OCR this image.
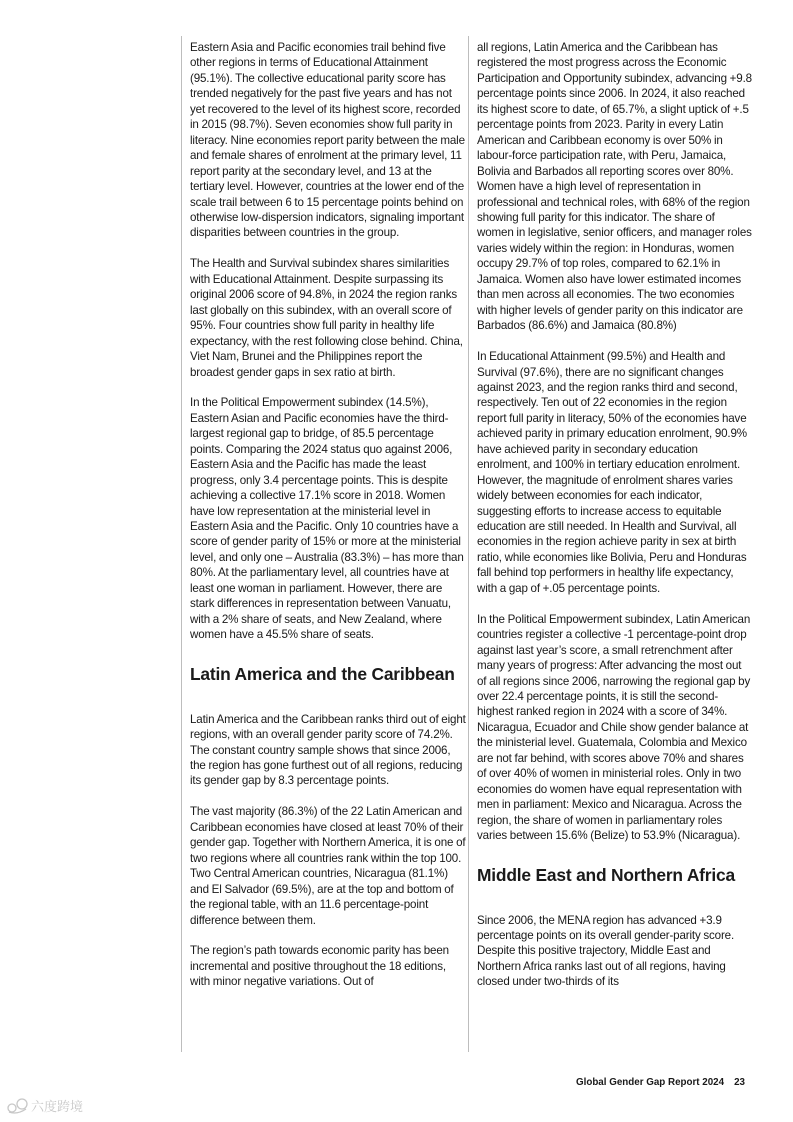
Eastern Asia and Pacific economies trail behind five other regions in terms of Educational Attainment (95.1%). The collective educational parity score has trended negatively for the past five years and has not yet recovered to the level of its highest score, recorded in 2015 (98.7%). Seven economies show full parity in literacy. Nine economies report parity between the male and female shares of enrolment at the primary level, 11 report parity at the secondary level, and 13 at the tertiary level. However, countries at the lower end of the scale trail between 6 to 15 percentage points behind on otherwise low-dispersion indicators, signaling important disparities between countries in the group.

The Health and Survival subindex shares similarities with Educational Attainment. Despite surpassing its original 2006 score of 94.8%, in 2024 the region ranks last globally on this subindex, with an overall score of 95%. Four countries show full parity in healthy life expectancy, with the rest following close behind. China, Viet Nam, Brunei and the Philippines report the broadest gender gaps in sex ratio at birth.

In the Political Empowerment subindex (14.5%), Eastern Asian and Pacific economies have the third-largest regional gap to bridge, of 85.5 percentage points. Comparing the 2024 status quo against 2006, Eastern Asia and the Pacific has made the least progress, only 3.4 percentage points. This is despite achieving a collective 17.1% score in 2018. Women have low representation at the ministerial level in Eastern Asia and the Pacific. Only 10 countries have a score of gender parity of 15% or more at the ministerial level, and only one – Australia (83.3%) – has more than 80%. At the parliamentary level, all countries have at least one woman in parliament. However, there are stark differences in representation between Vanuatu, with a 2% share of seats, and New Zealand, where women have a 45.5% share of seats.

Latin America and the Caribbean

Latin America and the Caribbean ranks third out of eight regions, with an overall gender parity score of 74.2%. The constant country sample shows that since 2006, the region has gone furthest out of all regions, reducing its gender gap by 8.3 percentage points.

The vast majority (86.3%) of the 22 Latin American and Caribbean economies have closed at least 70% of their gender gap. Together with Northern America, it is one of two regions where all countries rank within the top 100. Two Central American countries, Nicaragua (81.1%) and El Salvador (69.5%), are at the top and bottom of the regional table, with an 11.6 percentage-point difference between them.

The region’s path towards economic parity has been incremental and positive throughout the 18 editions, with minor negative variations. Out of

all regions, Latin America and the Caribbean has registered the most progress across the Economic Participation and Opportunity subindex, advancing +9.8 percentage points since 2006. In 2024, it also reached its highest score to date, of 65.7%, a slight uptick of +.5 percentage points from 2023. Parity in every Latin American and Caribbean economy is over 50% in labour-force participation rate, with Peru, Jamaica, Bolivia and Barbados all reporting scores over 80%. Women have a high level of representation in professional and technical roles, with 68% of the region showing full parity for this indicator. The share of women in legislative, senior officers, and manager roles varies widely within the region: in Honduras, women occupy 29.7% of top roles, compared to 62.1% in Jamaica. Women also have lower estimated incomes than men across all economies. The two economies with higher levels of gender parity on this indicator are Barbados (86.6%) and Jamaica (80.8%)

In Educational Attainment (99.5%) and Health and Survival (97.6%), there are no significant changes against 2023, and the region ranks third and second, respectively. Ten out of 22 economies in the region report full parity in literacy, 50% of the economies have achieved parity in primary education enrolment, 90.9% have achieved parity in secondary education enrolment, and 100% in tertiary education enrolment. However, the magnitude of enrolment shares varies widely between economies for each indicator, suggesting efforts to increase access to equitable education are still needed. In Health and Survival, all economies in the region achieve parity in sex at birth ratio, while economies like Bolivia, Peru and Honduras fall behind top performers in healthy life expectancy, with a gap of +.05 percentage points.

In the Political Empowerment subindex, Latin American countries register a collective -1 percentage-point drop against last year’s score, a small retrenchment after many years of progress: After advancing the most out of all regions since 2006, narrowing the regional gap by over 22.4 percentage points, it is still the second-highest ranked region in 2024 with a score of 34%. Nicaragua, Ecuador and Chile show gender balance at the ministerial level. Guatemala, Colombia and Mexico are not far behind, with scores above 70% and shares of over 40% of women in ministerial roles. Only in two economies do women have equal representation with men in parliament: Mexico and Nicaragua. Across the region, the share of women in parliamentary roles varies between 15.6% (Belize) to 53.9% (Nicaragua).

Middle East and Northern Africa

Since 2006, the MENA region has advanced +3.9 percentage points on its overall gender-parity score. Despite this positive trajectory, Middle East and Northern Africa ranks last out of all regions, having closed under two-thirds of its

Global Gender Gap Report 2024 23
六度跨境
